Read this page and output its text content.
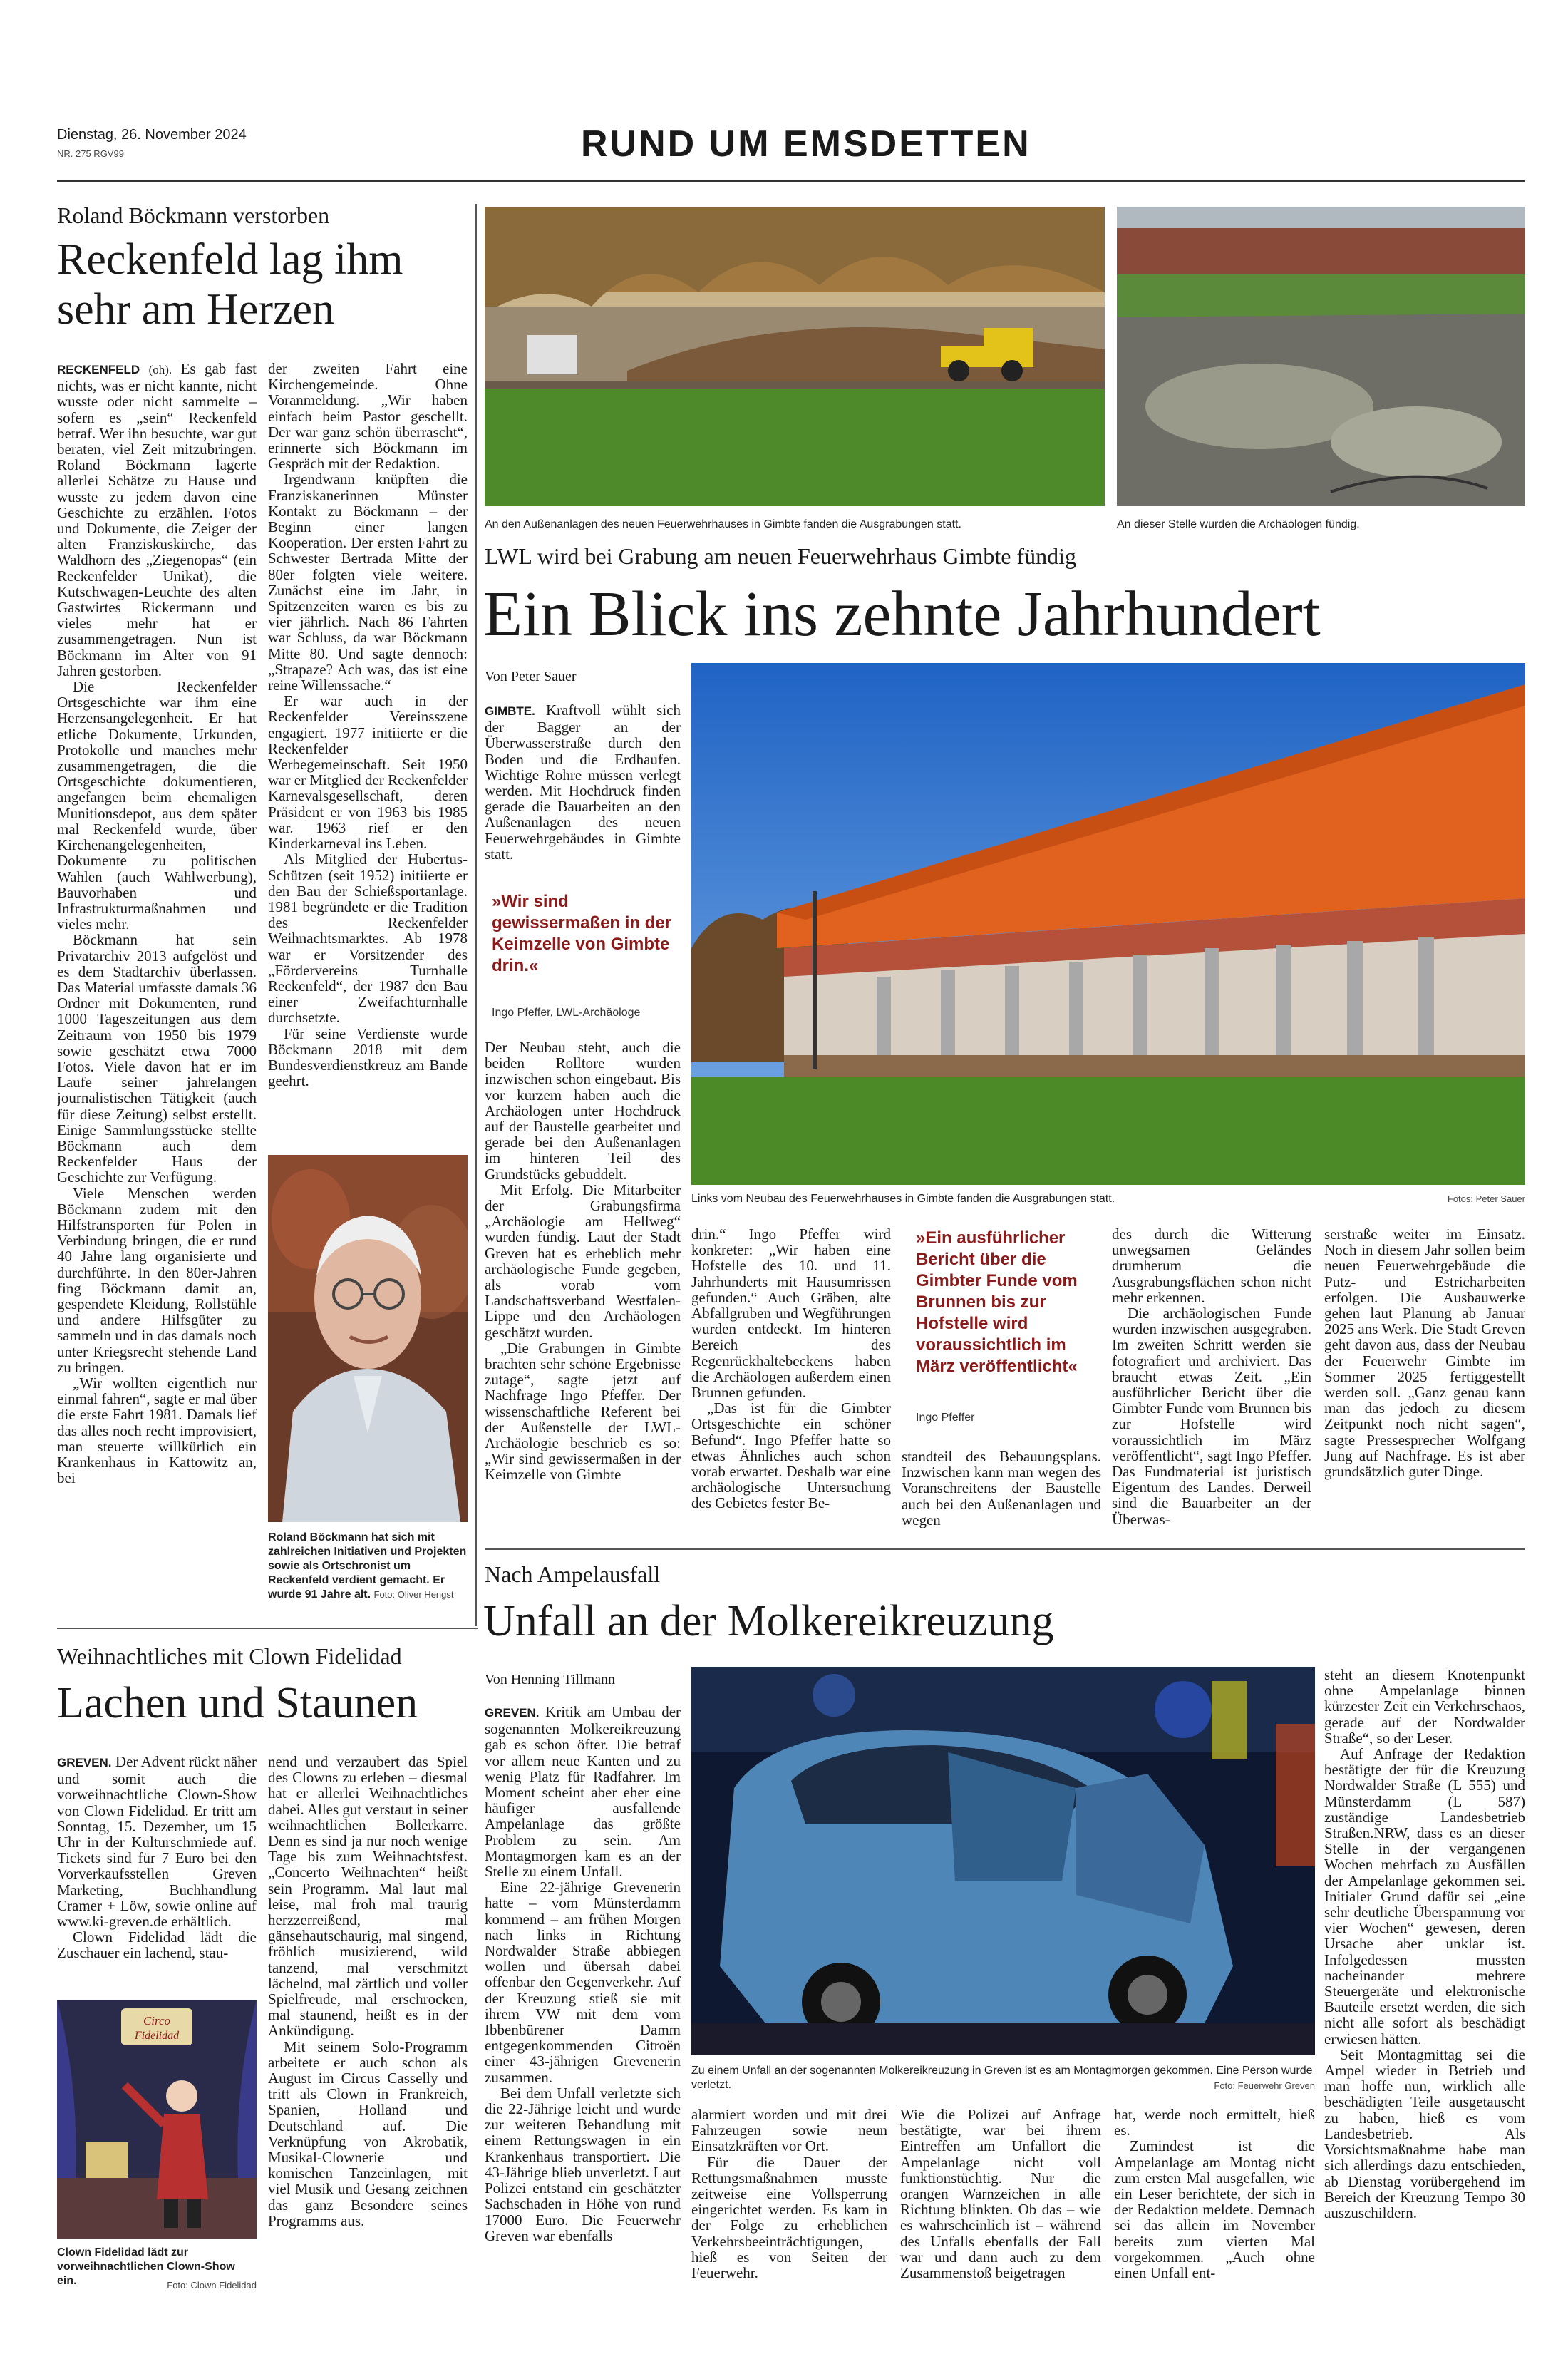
Dienstag, 26. November 2024
NR. 275 RGV99	RUND UM EMSDETTEN
Roland Böckmann verstorben
Reckenfeld lag ihm
sehr am Herzen

RECKENFELD (oh). Es gab fast nichts, was er nicht kannte, nicht wusste oder nicht sammelte – sofern es „sein“ Reckenfeld betraf. Wer ihn besuchte, war gut beraten, viel Zeit mitzubringen. Roland Böckmann lagerte allerlei Schätze zu Hause und wusste zu jedem davon eine Geschichte zu erzählen. Fotos und Dokumente, die Zeiger der alten Franziskuskirche, das Waldhorn des „Ziegenopas“ (ein Reckenfelder Unikat), die Kutschwagen-Leuchte des alten Gastwirtes Rickermann und vieles mehr hat er zusammengetragen. Nun ist Böckmann im Alter von 91 Jahren gestorben.

Die Reckenfelder Ortsgeschichte war ihm eine Herzensangelegenheit. Er hat etliche Dokumente, Urkunden, Protokolle und manches mehr zusammengetragen, die die Ortsgeschichte dokumentieren, angefangen beim ehemaligen Munitionsdepot, aus dem später mal Reckenfeld wurde, über Kirchenangelegenheiten, Dokumente zu politischen Wahlen (auch Wahlwerbung), Bauvorhaben und Infrastrukturmaßnahmen und vieles mehr.

Böckmann hat sein Privatarchiv 2013 aufgelöst und es dem Stadtarchiv überlassen. Das Material umfasste damals 36 Ordner mit Dokumenten, rund 1000 Tageszeitungen aus dem Zeitraum von 1950 bis 1979 sowie geschätzt etwa 7000 Fotos. Viele davon hat er im Laufe seiner jahrelangen journalistischen Tätigkeit (auch für diese Zeitung) selbst erstellt. Einige Sammlungsstücke stellte Böckmann auch dem Reckenfelder Haus der Geschichte zur Verfügung.

Viele Menschen werden Böckmann zudem mit den Hilfstransporten für Polen in Verbindung bringen, die er rund 40 Jahre lang organisierte und durchführte. In den 80er-Jahren fing Böckmann damit an, gespendete Kleidung, Rollstühle und andere Hilfsgüter zu sammeln und in das damals noch unter Kriegsrecht stehende Land zu bringen.

„Wir wollten eigentlich nur einmal fahren“, sagte er mal über die erste Fahrt 1981. Damals lief das alles noch recht improvisiert, man steuerte willkürlich ein Krankenhaus in Kattowitz an, bei

der zweiten Fahrt eine Kirchengemeinde. Ohne Voranmeldung. „Wir haben einfach beim Pastor geschellt. Der war ganz schön überrascht“, erinnerte sich Böckmann im Gespräch mit der Redaktion.

Irgendwann knüpften die Franziskanerinnen Münster Kontakt zu Böckmann – der Beginn einer langen Kooperation. Der ersten Fahrt zu Schwester Bertrada Mitte der 80er folgten viele weitere. Zunächst eine im Jahr, in Spitzenzeiten waren es bis zu vier jährlich. Nach 86 Fahrten war Schluss, da war Böckmann Mitte 80. Und sagte dennoch: „Strapaze? Ach was, das ist eine reine Willenssache.“

Er war auch in der Reckenfelder Vereinsszene engagiert. 1977 initiierte er die Reckenfelder Werbegemeinschaft. Seit 1950 war er Mitglied der Reckenfelder Karnevalsgesellschaft, deren Präsident er von 1963 bis 1985 war. 1963 rief er den Kinderkarneval ins Leben.

Als Mitglied der Hubertus-Schützen (seit 1952) initiierte er den Bau der Schießsportanlage. 1981 begründete er die Tradition des Reckenfelder Weihnachtsmarktes. Ab 1978 war er Vorsitzender des „Fördervereins Turnhalle Reckenfeld“, der 1987 den Bau einer Zweifachturnhalle durchsetzte.

Für seine Verdienste wurde Böckmann 2018 mit dem Bundesverdienstkreuz am Bande geehrt.

Roland Böckmann hat sich mit zahlreichen Initiativen und Projekten sowie als Ortschronist um Reckenfeld verdient gemacht. Er wurde 91 Jahre alt. Foto: Oliver Hengst
Weihnachtliches mit Clown Fidelidad
Lachen und Staunen

GREVEN. Der Advent rückt näher und somit auch die vorweihnachtliche Clown-Show von Clown Fidelidad. Er tritt am Sonntag, 15. Dezember, um 15 Uhr in der Kulturschmiede auf. Tickets sind für 7 Euro bei den Vorverkaufsstellen Greven Marketing, Buchhandlung Cramer + Löw, sowie online auf www.ki-greven.de erhältlich.

Clown Fidelidad lädt die Zuschauer ein lachend, stau-

Circo
Fidelidad
Clown Fidelidad lädt zur vorweihnachtlichen Clown-Show ein.	Foto: Clown Fidelidad

nend und verzaubert das Spiel des Clowns zu erleben – diesmal hat er allerlei Weihnachtliches dabei. Alles gut verstaut in seiner weihnachtlichen Bollerkarre. Denn es sind ja nur noch wenige Tage bis zum Weihnachtsfest. „Concerto Weihnachten“ heißt sein Programm. Mal laut mal leise, mal froh mal traurig herzzerreißend, mal gänsehautschaurig, mal singend, fröhlich musizierend, wild tanzend, mal verschmitzt lächelnd, mal zärtlich und voller Spielfreude, mal erschrocken, mal staunend, heißt es in der Ankündigung.

Mit seinem Solo-Programm arbeitete er auch schon als August im Circus Casselly und tritt als Clown in Frankreich, Spanien, Holland und Deutschland auf. Die Verknüpfung von Akrobatik, Musikal-Clownerie und komischen Tanzeinlagen, mit viel Musik und Gesang zeichnen das ganz Besondere seines Programms aus.

An den Außenanlagen des neuen Feuerwehrhauses in Gimbte fanden die Ausgrabungen statt.	An dieser Stelle wurden die Archäologen fündig.
LWL wird bei Grabung am neuen Feuerwehrhaus Gimbte fündig
Ein Blick ins zehnte Jahrhundert
Von Peter Sauer

GIMBTE. Kraftvoll wühlt sich der Bagger an der Überwasserstraße durch den Boden und die Erdhaufen. Wichtige Rohre müssen verlegt werden. Mit Hochdruck finden gerade die Bauarbeiten an den Außenanlagen des neuen Feuerwehrgebäudes in Gimbte statt.

»Wir sind gewissermaßen in der Keimzelle von Gimbte drin.«
Ingo Pfeffer, LWL-Archäologe

Der Neubau steht, auch die beiden Rolltore wurden inzwischen schon eingebaut. Bis vor kurzem haben auch die Archäologen unter Hochdruck auf der Baustelle gearbeitet und gerade bei den Außenanlagen im hinteren Teil des Grundstücks gebuddelt.

Mit Erfolg. Die Mitarbeiter der Grabungsfirma „Archäologie am Hellweg“ wurden fündig. Laut der Stadt Greven hat es erheblich mehr archäologische Funde gegeben, als vorab vom Landschaftsverband Westfalen-Lippe und den Archäologen geschätzt wurden.

„Die Grabungen in Gimbte brachten sehr schöne Ergebnisse zutage“, sagte jetzt auf Nachfrage Ingo Pfeffer. Der wissenschaftliche Referent bei der Außenstelle der LWL-Archäologie beschrieb es so: „Wir sind gewissermaßen in der Keimzelle von Gimbte

Links vom Neubau des Feuerwehrhauses in Gimbte fanden die Ausgrabungen statt.	Fotos: Peter Sauer

drin.“ Ingo Pfeffer wird konkreter: „Wir haben eine Hofstelle des 10. und 11. Jahrhunderts mit Hausumrissen gefunden.“ Auch Gräben, alte Abfallgruben und Wegführungen wurden entdeckt. Im hinteren Bereich des Regenrückhaltebeckens haben die Archäologen außerdem einen Brunnen gefunden.

„Das ist für die Gimbter Ortsgeschichte ein schöner Befund“. Ingo Pfeffer hatte so etwas Ähnliches auch schon vorab erwartet. Deshalb war eine archäologische Untersuchung des Gebietes fester Be-

»Ein ausführlicher Bericht über die Gimbter Funde vom Brunnen bis zur Hofstelle wird voraussichtlich im März veröffentlicht«
Ingo Pfeffer

standteil des Bebauungsplans. Inzwischen kann man wegen des Voranschreitens der Baustelle auch bei den Außenanlagen und wegen

des durch die Witterung unwegsamen Geländes drumherum die Ausgrabungsflächen schon nicht mehr erkennen.

Die archäologischen Funde wurden inzwischen ausgegraben. Im zweiten Schritt werden sie fotografiert und archiviert. Das braucht etwas Zeit. „Ein ausführlicher Bericht über die Gimbter Funde vom Brunnen bis zur Hofstelle wird voraussichtlich im März veröffentlicht“, sagt Ingo Pfeffer. Das Fundmaterial ist juristisch Eigentum des Landes. Derweil sind die Bauarbeiter an der Überwas-

serstraße weiter im Einsatz. Noch in diesem Jahr sollen beim neuen Feuerwehrgebäude die Putz- und Estricharbeiten erfolgen. Die Ausbauwerke gehen laut Planung ab Januar 2025 ans Werk. Die Stadt Greven geht davon aus, dass der Neubau der Feuerwehr Gimbte im Sommer 2025 fertiggestellt werden soll. „Ganz genau kann man das jedoch zu diesem Zeitpunkt noch nicht sagen“, sagte Pressesprecher Wolfgang Jung auf Nachfrage. Es ist aber grundsätzlich guter Dinge.

Nach Ampelausfall
Unfall an der Molkereikreuzung
Von Henning Tillmann

GREVEN. Kritik am Umbau der sogenannten Molkereikreuzung gab es schon öfter. Die betraf vor allem neue Kanten und zu wenig Platz für Radfahrer. Im Moment scheint aber eher eine häufiger ausfallende Ampelanlage das größte Problem zu sein. Am Montagmorgen kam es an der Stelle zu einem Unfall.

Eine 22-jährige Grevenerin hatte – vom Münsterdamm kommend – am frühen Morgen nach links in Richtung Nordwalder Straße abbiegen wollen und übersah dabei offenbar den Gegenverkehr. Auf der Kreuzung stieß sie mit ihrem VW mit dem vom Ibbenbürener Damm entgegenkommenden Citroën einer 43-jährigen Grevenerin zusammen.

Bei dem Unfall verletzte sich die 22-Jährige leicht und wurde zur weiteren Behandlung mit einem Rettungswagen in ein Krankenhaus transportiert. Die 43-Jährige blieb unverletzt. Laut Polizei entstand ein geschätzter Sachschaden in Höhe von rund 17000 Euro. Die Feuerwehr Greven war ebenfalls

Zu einem Unfall an der sogenannten Molkereikreuzung in Greven ist es am Montagmorgen gekommen. Eine Person wurde verletzt.	Foto: Feuerwehr Greven

alarmiert worden und mit drei Fahrzeugen sowie neun Einsatzkräften vor Ort.

Für die Dauer der Rettungsmaßnahmen musste zeitweise eine Vollsperrung eingerichtet werden. Es kam in der Folge zu erheblichen Verkehrsbeeinträchtigungen, hieß es von Seiten der Feuerwehr.

Wie die Polizei auf Anfrage bestätigte, war bei ihrem Eintreffen am Unfallort die Ampelanlage nicht voll funktionstüchtig. Nur die orangen Warnzeichen in alle Richtung blinkten. Ob das – wie es wahrscheinlich ist – während des Unfalls ebenfalls der Fall war und dann auch zu dem Zusammenstoß beigetragen

hat, werde noch ermittelt, hieß es.

Zumindest ist die Ampelanlage am Montag nicht zum ersten Mal ausgefallen, wie ein Leser berichtete, der sich in der Redaktion meldete. Demnach sei das allein im November bereits zum vierten Mal vorgekommen. „Auch ohne einen Unfall ent-

steht an diesem Knotenpunkt ohne Ampelanlage binnen kürzester Zeit ein Verkehrschaos, gerade auf der Nordwalder Straße“, so der Leser.

Auf Anfrage der Redaktion bestätigte der für die Kreuzung Nordwalder Straße (L 555) und Münsterdamm (L 587) zuständige Landesbetrieb Straßen.NRW, dass es an dieser Stelle in der vergangenen Wochen mehrfach zu Ausfällen der Ampelanlage gekommen sei. Initialer Grund dafür sei „eine sehr deutliche Überspannung vor vier Wochen“ gewesen, deren Ursache aber unklar ist. Infolgedessen mussten nacheinander mehrere Steuergeräte und elektronische Bauteile ersetzt werden, die sich nicht alle sofort als beschädigt erwiesen hätten.

Seit Montagmittag sei die Ampel wieder in Betrieb und man hoffe nun, wirklich alle beschädigten Teile ausgetauscht zu haben, hieß es vom Landesbetrieb. Als Vorsichtsmaßnahme habe man sich allerdings dazu entschieden, ab Dienstag vorübergehend im Bereich der Kreuzung Tempo 30 auszuschildern.
